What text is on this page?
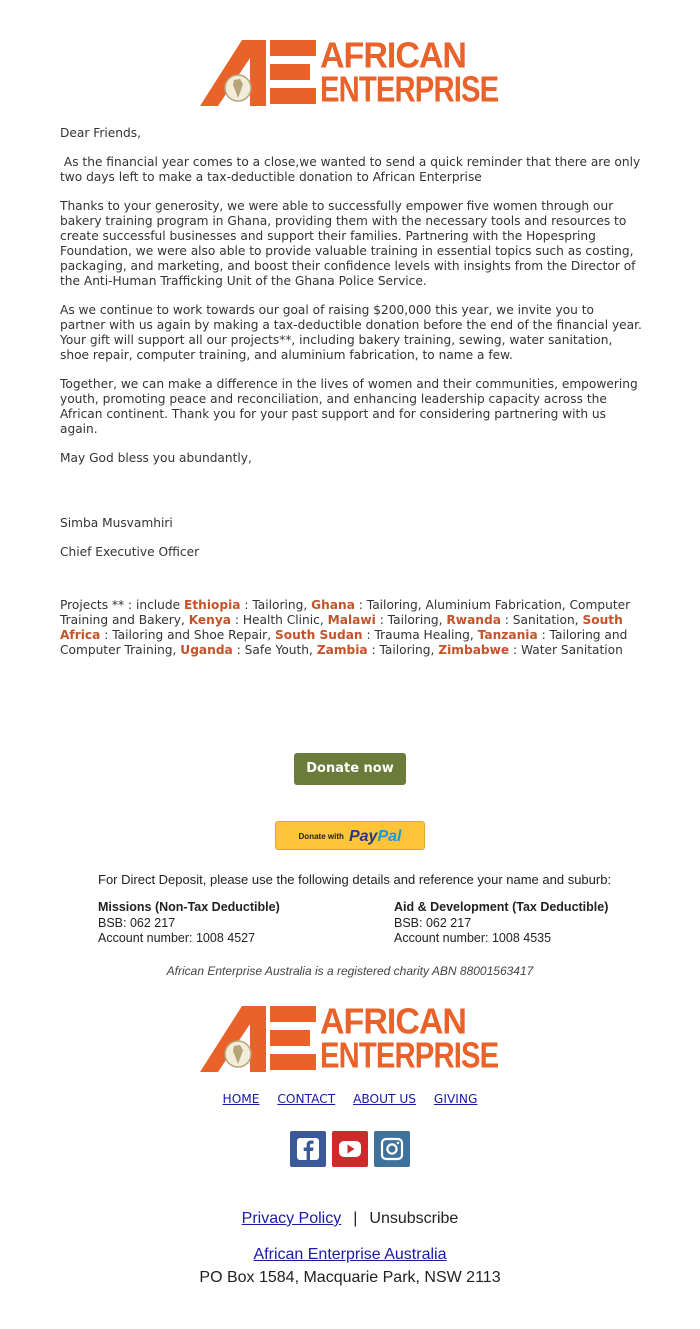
AFRICAN
ENTERPRISE

Dear Friends,

As the financial year comes to a close,we wanted to send a quick reminder that there are only two days left to make a tax-deductible donation to African Enterprise

Thanks to your generosity, we were able to successfully empower five women through our bakery training program in Ghana, providing them with the necessary tools and resources to create successful businesses and support their families. Partnering with the Hopespring Foundation, we were also able to provide valuable training in essential topics such as costing, packaging, and marketing, and boost their confidence levels with insights from the Director of the Anti-Human Trafficking Unit of the Ghana Police Service.

As we continue to work towards our goal of raising $200,000 this year, we invite you to partner with us again by making a tax-deductible donation before the end of the financial year. Your gift will support all our projects**, including bakery training, sewing, water sanitation, shoe repair, computer training, and aluminium fabrication, to name a few.

Together, we can make a difference in the lives of women and their communities, empowering youth, promoting peace and reconciliation, and enhancing leadership capacity across the African continent. Thank you for your past support and for considering partnering with us again.

May God bless you abundantly,

Simba Musvamhiri

Chief Executive Officer

Projects ** : include Ethiopia : Tailoring, Ghana : Tailoring, Aluminium Fabrication, Computer Training and Bakery, Kenya : Health Clinic, Malawi : Tailoring, Rwanda : Sanitation, South Africa : Tailoring and Shoe Repair, South Sudan : Trauma Healing, Tanzania : Tailoring and Computer Training, Uganda : Safe Youth, Zambia : Tailoring, Zimbabwe : Water Sanitation
Donate now
Donate with PayPal
For Direct Deposit, please use the following details and reference your name and suburb:
Missions (Non-Tax Deductible)
BSB: 062 217
Account number: 1008 4527
Aid & Development (Tax Deductible)
BSB: 062 217
Account number: 1008 4535
African Enterprise Australia is a registered charity ABN 88001563417
AFRICAN
ENTERPRISE
HOME CONTACT ABOUT US GIVING
Privacy Policy | Unsubscribe
African Enterprise Australia
PO Box 1584, Macquarie Park, NSW 2113
